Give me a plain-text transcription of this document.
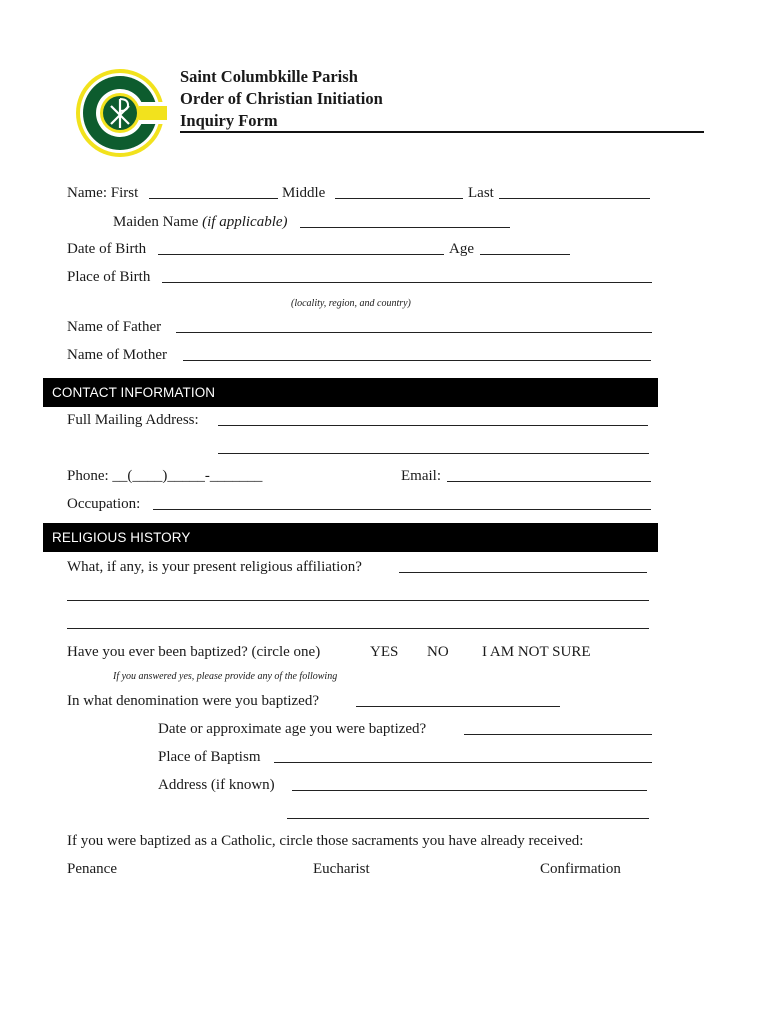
Saint Columbkille Parish
Order of Christian Initiation
Inquiry Form
Name: First	Middle	Last
Maiden Name (if applicable)
Date of Birth	Age
Place of Birth
(locality, region, and country)
Name of Father
Name of Mother
CONTACT INFORMATION
Full Mailing Address:
Phone: __(____)_____-_______	Email:
Occupation:
RELIGIOUS HISTORY
What, if any, is your present religious affiliation?
Have you ever been baptized? (circle one)	YES NO I AM NOT SURE
If you answered yes, please provide any of the following
In what denomination were you baptized?
Date or approximate age you were baptized?
Place of Baptism
Address (if known)
If you were baptized as a Catholic, circle those sacraments you have already received:
Penance	Eucharist	Confirmation
